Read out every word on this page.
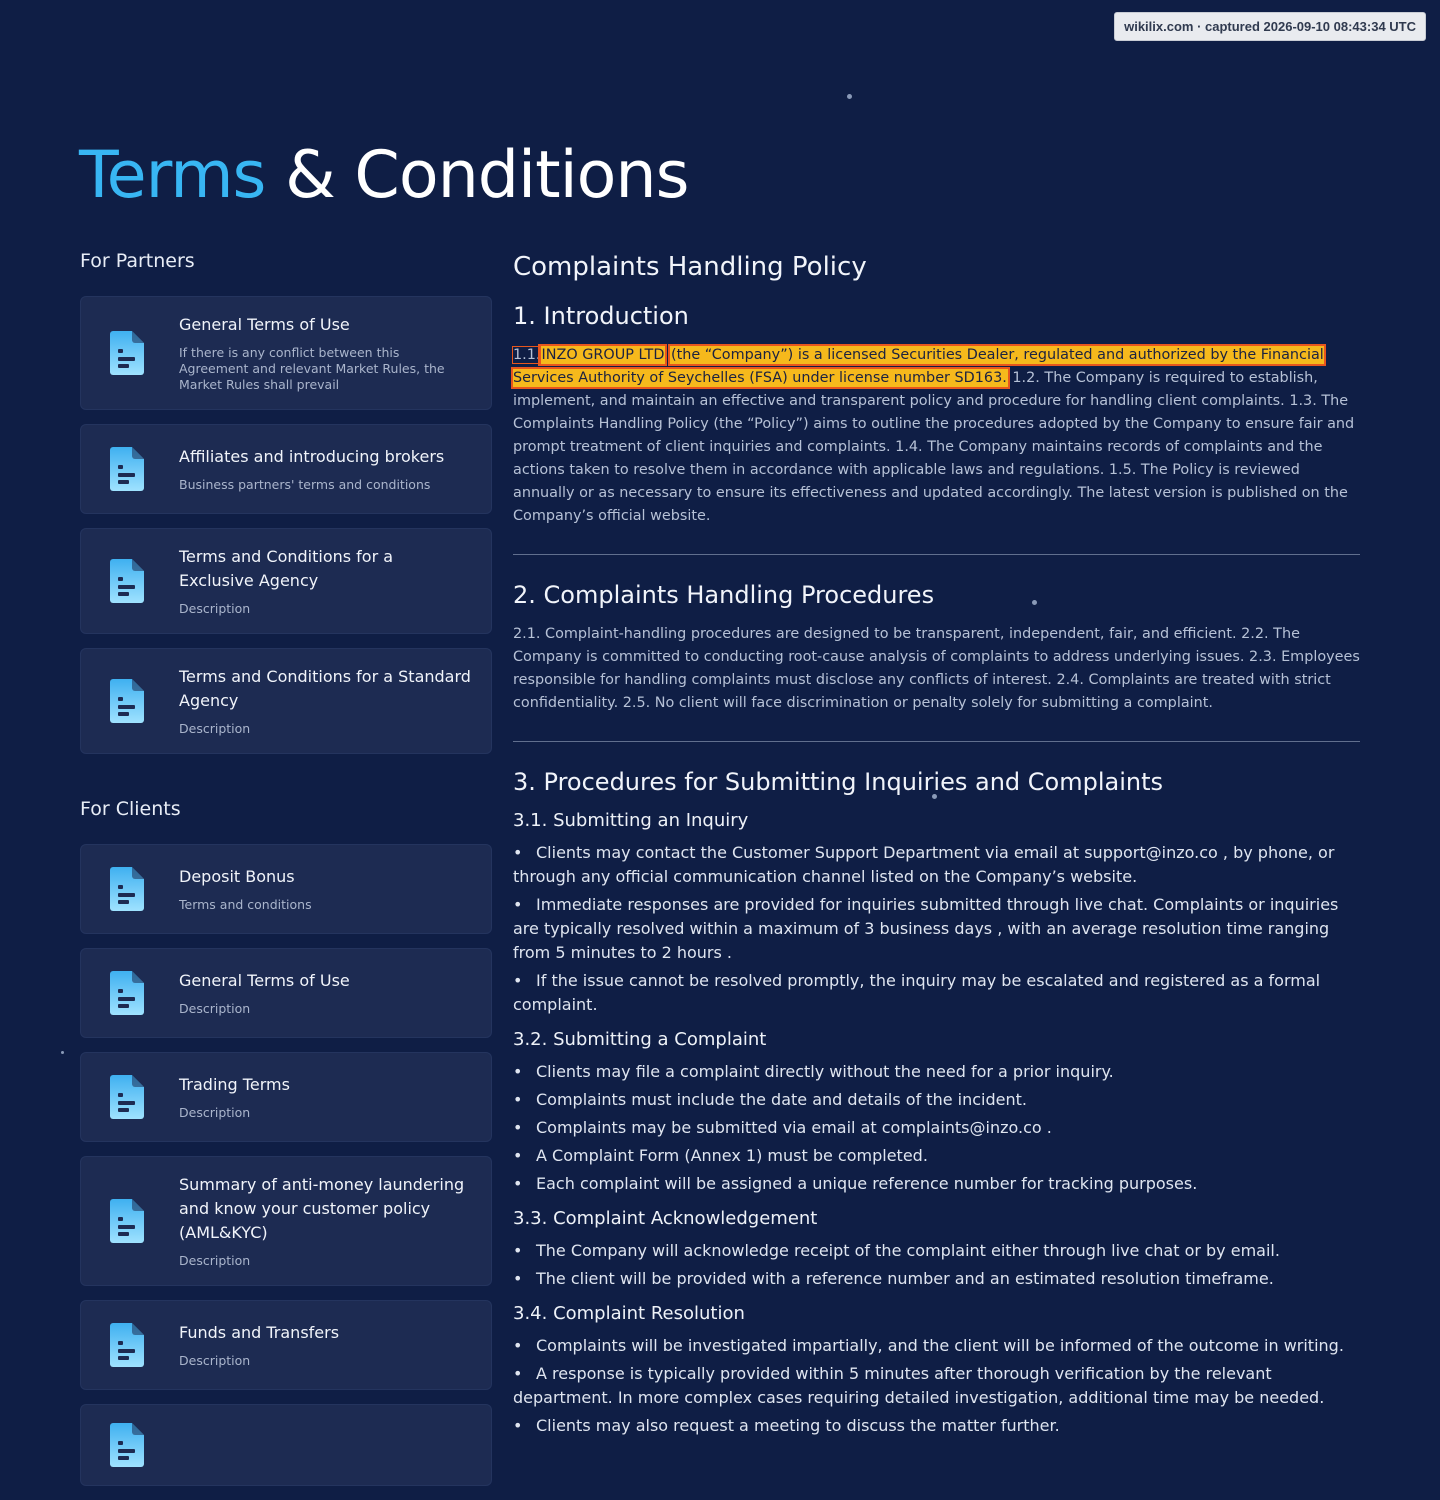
wikilix.com · captured 2026-09-10 08:43:34 UTC
Terms & Conditions
For Partners
General Terms of Use
If there is any conflict between this Agreement and relevant Market Rules, the Market Rules shall prevail
Affiliates and introducing brokers
Business partners' terms and conditions
Terms and Conditions for a Exclusive Agency
Description
Terms and Conditions for a Standard Agency
Description
For Clients
Deposit Bonus
Terms and conditions
General Terms of Use
Description
Trading Terms
Description
Summary of anti-money laundering and know your customer policy (AML&KYC)
Description
Funds and Transfers
Description
Complaints Handling Policy
1. Introduction

1.1.INZO GROUP LTD (the “Company”) is a licensed Securities Dealer, regulated and authorized by the Financial Services Authority of Seychelles (FSA) under license number SD163. 1.2. The Company is required to establish, implement, and maintain an effective and transparent policy and procedure for handling client complaints. 1.3. The Complaints Handling Policy (the “Policy”) aims to outline the procedures adopted by the Company to ensure fair and prompt treatment of client inquiries and complaints. 1.4. The Company maintains records of complaints and the actions taken to resolve them in accordance with applicable laws and regulations. 1.5. The Policy is reviewed annually or as necessary to ensure its effectiveness and updated accordingly. The latest version is published on the Company’s official website.

2. Complaints Handling Procedures

2.1. Complaint-handling procedures are designed to be transparent, independent, fair, and efficient. 2.2. The Company is committed to conducting root-cause analysis of complaints to address underlying issues. 2.3. Employees responsible for handling complaints must disclose any conflicts of interest. 2.4. Complaints are treated with strict confidentiality. 2.5. No client will face discrimination or penalty solely for submitting a complaint.

3. Procedures for Submitting Inquiries and Complaints
3.1. Submitting an Inquiry
• Clients may contact the Customer Support Department via email at support@inzo.co , by phone, or through any official communication channel listed on the Company’s website.
• Immediate responses are provided for inquiries submitted through live chat. Complaints or inquiries are typically resolved within a maximum of 3 business days , with an average resolution time ranging from 5 minutes to 2 hours .
• If the issue cannot be resolved promptly, the inquiry may be escalated and registered as a formal complaint.
3.2. Submitting a Complaint
• Clients may file a complaint directly without the need for a prior inquiry.
• Complaints must include the date and details of the incident.
• Complaints may be submitted via email at complaints@inzo.co .
• A Complaint Form (Annex 1) must be completed.
• Each complaint will be assigned a unique reference number for tracking purposes.
3.3. Complaint Acknowledgement
• The Company will acknowledge receipt of the complaint either through live chat or by email.
• The client will be provided with a reference number and an estimated resolution timeframe.
3.4. Complaint Resolution
• Complaints will be investigated impartially, and the client will be informed of the outcome in writing.
• A response is typically provided within 5 minutes after thorough verification by the relevant department. In more complex cases requiring detailed investigation, additional time may be needed.
• Clients may also request a meeting to discuss the matter further.
